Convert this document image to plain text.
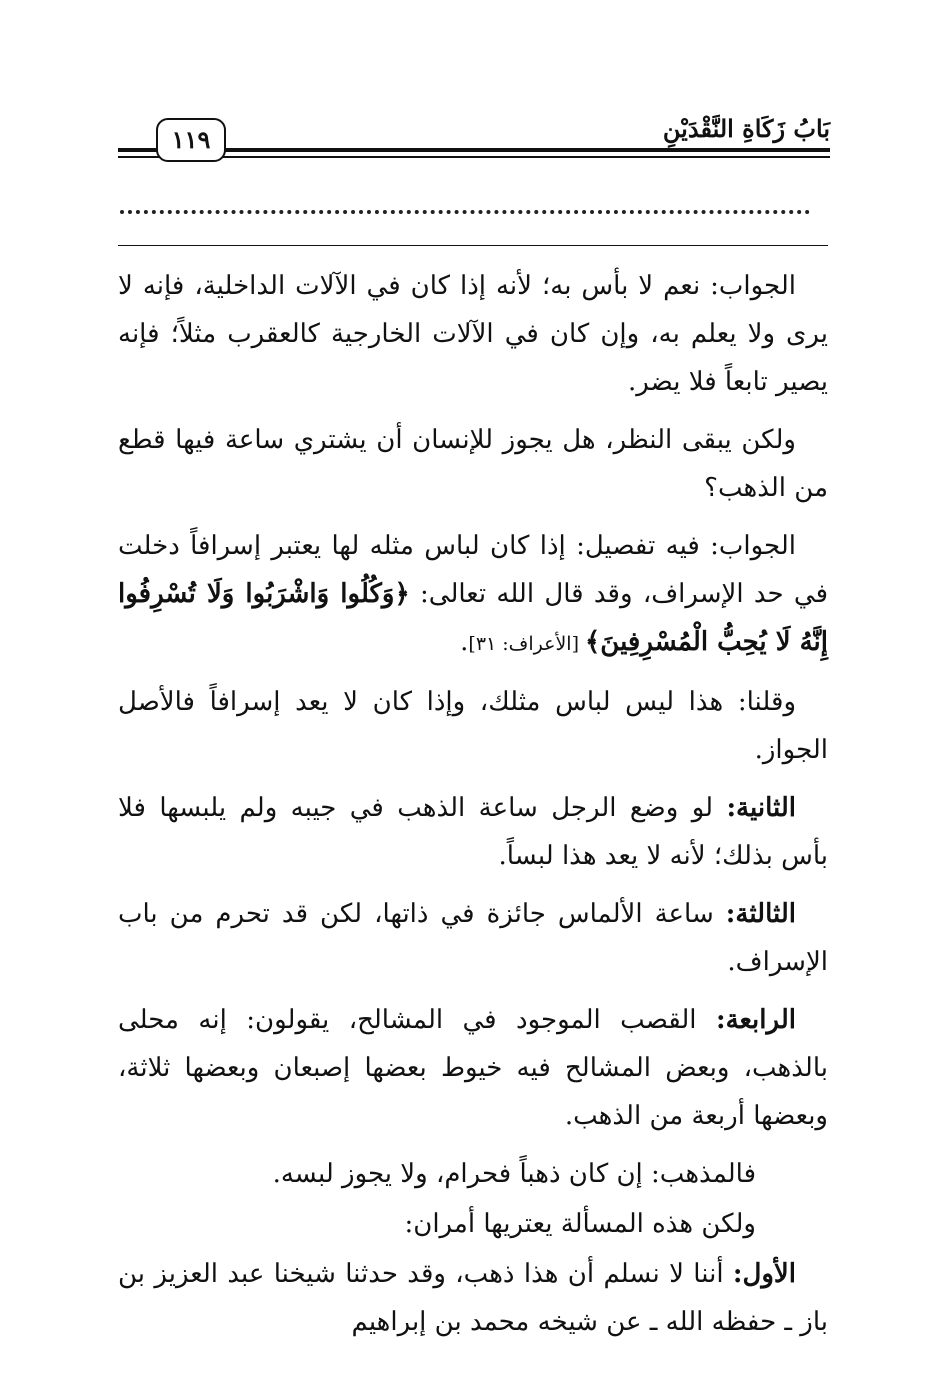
بَابُ زَكَاةِ النَّقْدَيْنِ
١١٩

الجواب: نعم لا بأس به؛ لأنه إذا كان في الآلات الداخلية، فإنه لا يرى ولا يعلم به، وإن كان في الآلات الخارجية كالعقرب مثلاً؛ فإنه يصير تابعاً فلا يضر.

ولكن يبقى النظر، هل يجوز للإنسان أن يشتري ساعة فيها قطع من الذهب؟

الجواب: فيه تفصيل: إذا كان لباس مثله لها يعتبر إسرافاً دخلت في حد الإسراف، وقد قال الله تعالى: ﴿وَكُلُوا وَاشْرَبُوا وَلَا تُسْرِفُوا إِنَّهُ لَا يُحِبُّ الْمُسْرِفِينَ﴾ [الأعراف: ٣١].

وقلنا: هذا ليس لباس مثلك، وإذا كان لا يعد إسرافاً فالأصل الجواز.

الثانية: لو وضع الرجل ساعة الذهب في جيبه ولم يلبسها فلا بأس بذلك؛ لأنه لا يعد هذا لبساً.

الثالثة: ساعة الألماس جائزة في ذاتها، لكن قد تحرم من باب الإسراف.

الرابعة: القصب الموجود في المشالح، يقولون: إنه محلى بالذهب، وبعض المشالح فيه خيوط بعضها إصبعان وبعضها ثلاثة، وبعضها أربعة من الذهب.

فالمذهب: إن كان ذهباً فحرام، ولا يجوز لبسه.

ولكن هذه المسألة يعتريها أمران:

الأول: أننا لا نسلم أن هذا ذهب، وقد حدثنا شيخنا عبد العزيز بن باز ـ حفظه الله ـ عن شيخه محمد بن إبراهيم
